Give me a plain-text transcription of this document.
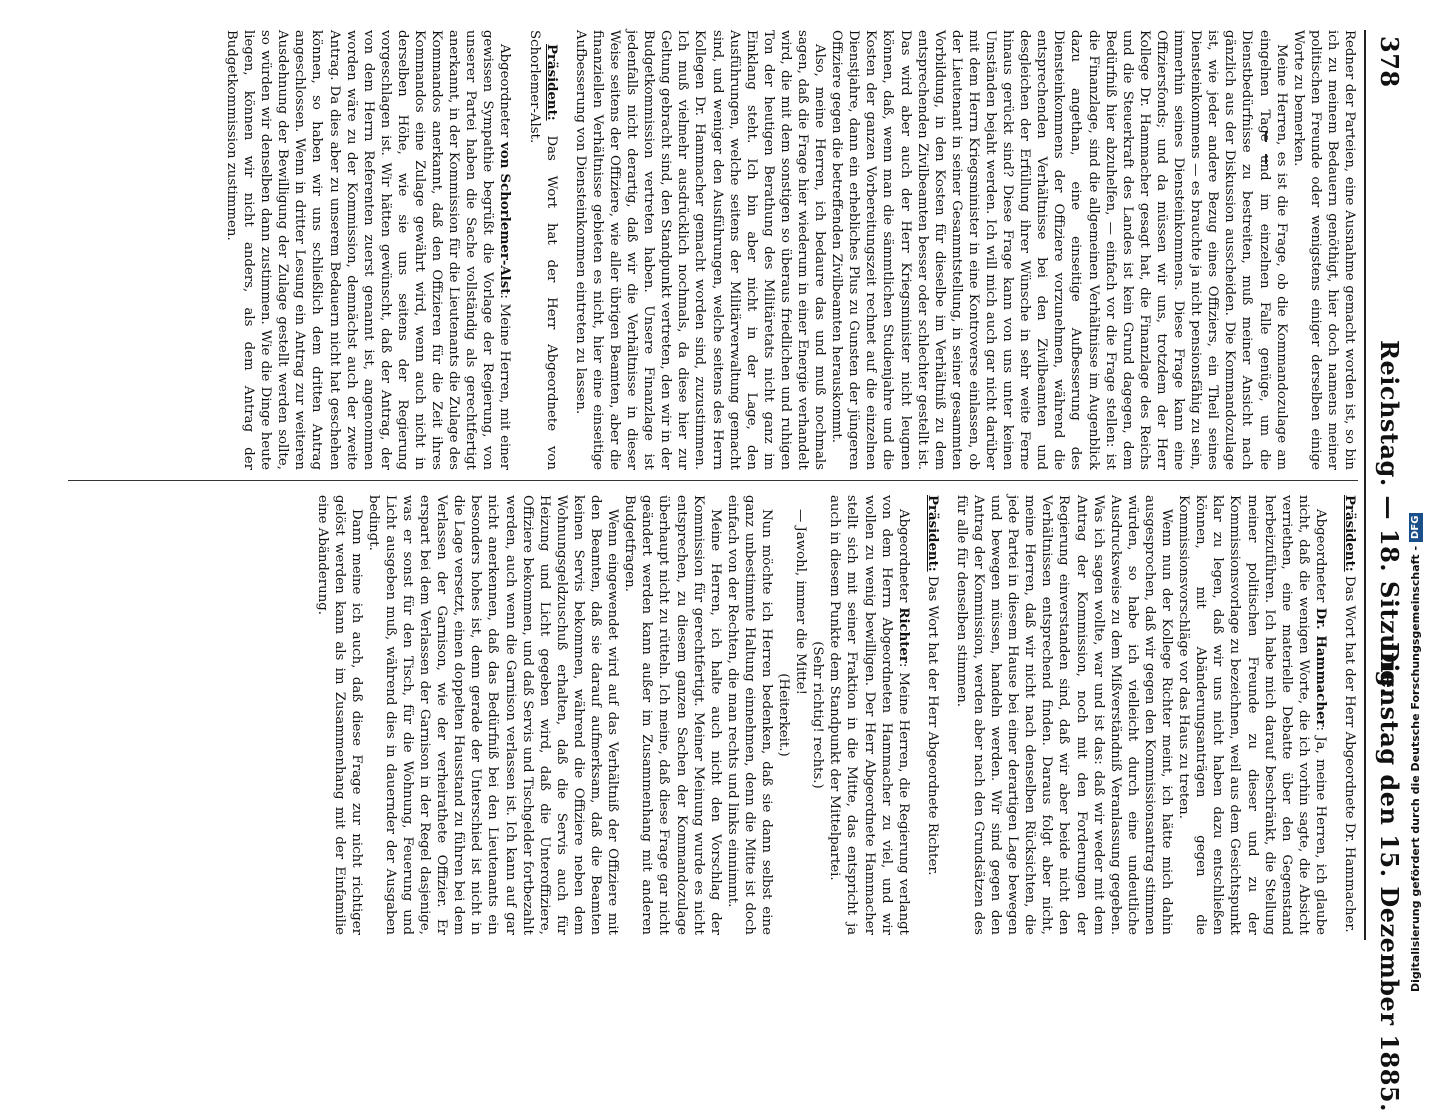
378
Reichstag. — 18. Sitzung.
Dienstag den 15. Dezember 1885.

Redner der Parteien, eine Ausnahme gemacht worden ist, so bin ich zu meinem Bedauern genöthigt, hier doch namens meiner politischen Freunde oder wenigstens einiger derselben einige Worte zu bemerken.

Meine Herren, es ist die Frage, ob die Kommandozulage am eingelnen Tage und im einzelnen Falle genüge, um die Dienstbedürfnisse zu bestreiten, muß meiner Ansicht nach gänzlich aus der Diskussion ausscheiden. Die Kommandozulage ist, wie jeder andere Bezug eines Offiziers, ein Theil seines Diensteinkommens — es brauchte ja nicht pensionsfähig zu sein, immerhin seines Diensteinkommens. Diese Frage kann eine Offiziersfonds; und da müssen wir uns, trotzdem der Herr Kollege Dr. Hammacher gesagt hat, die Finanzlage des Reichs und die Steuerkraft des Landes ist kein Grund dagegen, dem Bedürfniß hier abzuhelfen, — einfach vor die Frage stellen: ist die Finanzlage, sind die allgemeinen Verhältnisse im Augenblick dazu angethan, eine einseitige Aufbesserung des Diensteinkommens der Offiziere vorzunehmen, während die entsprechenden Verhältnisse bei den Zivilbeamten und desgleichen der Erfüllung ihrer Wünsche in sehr weite Ferne hinaus gerückt sind? Diese Frage kann von uns unter keinen Umständen bejaht werden. Ich will mich auch gar nicht darüber mit dem Herrn Kriegsminister in eine Kontroverse einlassen, ob der Lieutenant in seiner Gesammtstellung, in seiner gesammten Vorbildung, in den Kosten für dieselbe im Verhältniß zu dem entsprechenden Zivilbeamten besser oder schlechter gestellt ist. Das wird aber auch der Herr Kriegsminister nicht leugnen können, daß, wenn man die sämmtlichen Studienjahre und die Kosten der ganzen Vorbereitungszeit rechnet auf die einzelnen Dienstjahre, dann ein erhebliches Plus zu Gunsten der jüngeren Offiziere gegen die betreffenden Zivilbeamten herauskommt.

Also, meine Herren, ich bedaure das und muß nochmals sagen, daß die Frage hier wiederum in einer Energie verhandelt wird, die mit dem sonstigen so überaus friedlichen und ruhigen Ton der heutigen Berathung des Militäretats nicht ganz im Einklang steht. Ich bin aber nicht in der Lage, den Ausführungen, welche seitens der Militärverwaltung gemacht sind, und weniger den Ausführungen, welche seitens des Herrn Kollegen Dr. Hammacher gemacht worden sind, zuzustimmen. Ich muß vielmehr ausdrücklich nochmals, da diese hier zur Geltung gebracht sind, den Standpunkt vertreten, den wir in der Budgetkommission vertreten haben. Unsere Finanzlage ist jedenfalls nicht derartig, daß wir die Verhältnisse in dieser Weise seitens der Offiziere, wie aller übrigen Beamten, aber die finanziellen Verhältnisse gebieten es nicht, hier eine einseitige Aufbesserung von Diensteinkommen eintreten zu lassen.

Präsident: Das Wort hat der Herr Abgeordnete von Schorlemer-Alst.

Abgeordneter von Schorlemer-Alst: Meine Herren, mit einer gewissen Sympathie begrüßt die Vorlage der Regierung, von unserer Partei haben die Sache vollständig als gerechtfertigt anerkannt, in der Kommission für die Lieutenants die Zulage des Kommandos anerkannt, daß den Offizieren für die Zeit ihres Kommandos eine Zulage gewährt wird, wenn auch nicht in derselben Höhe, wie sie uns seitens der Regierung vorgeschlagen ist. Wir hätten gewünscht, daß der Antrag, der von dem Herrn Referenten zuerst genannt ist, angenommen worden wäre zu der Kommission, demnächst auch der zweite Antrag. Da dies aber zu unserem Bedauern nicht hat geschehen können, so haben wir uns schließlich dem dritten Antrag angeschlossen. Wenn in dritter Lesung ein Antrag zur weiteren Ausdehnung der Bewilligung der Zulage gestellt werden sollte, so würden wir denselben dann zustimmen. Wie die Dinge heute liegen, können wir nicht anders, als dem Antrag der Budgetkommission zustimmen.

Präsident: Das Wort hat der Herr Abgeordnete Dr. Hammacher.

Abgeordneter Dr. Hammacher: Ja, meine Herren, ich glaube nicht, daß die wenigen Worte, die ich vorhin sagte, die Absicht verriethen, eine materielle Debatte über den Gegenstand herbeizuführen. Ich habe mich darauf beschränkt, die Stellung meiner politischen Freunde zu dieser und zu der Kommissionsvorlage zu bezeichnen, weil aus dem Gesichtspunkt klar zu legen, daß wir uns nicht haben dazu entschließen können, mit Abänderungsanträgen gegen die Kommissionsvorschläge vor das Haus zu treten.

Wenn nun der Kollege Richter meint, ich hätte mich dahin ausgesprochen, daß wir gegen den Kommissionsantrag stimmen würden, so habe ich vielleicht durch eine undeutliche Ausdrucksweise zu dem Mißverständniß Veranlassung gegeben. Was ich sagen wollte, war und ist das: daß wir weder mit dem Antrag der Kommission, noch mit den Forderungen der Regierung einverstanden sind, daß wir aber beide nicht den Verhältnissen entsprechend finden. Daraus folgt aber nicht, meine Herren, daß wir nicht nach denselben Rücksichten, die jede Partei in diesem Hause bei einer derartigen Lage bewegen und bewegen müssen, handeln werden. Wir sind gegen den Antrag der Kommission, werden aber nach den Grundsätzen des für alle für denselben stimmen.

Präsident: Das Wort hat der Herr Abgeordnete Richter.

Abgeordneter Richter: Meine Herren, die Regierung verlangt von dem Herrn Abgeordneten Hammacher zu viel, und wir wollen zu wenig bewilligen. Der Herr Abgeordnete Hammacher stellt sich mit seiner Fraktion in die Mitte, das entspricht ja auch in diesem Punkte dem Standpunkt der Mittelpartei.

(Sehr richtig! rechts.)

— Jawohl, immer die Mitte!

(Heiterkeit.)

Nun möchte ich Herren bedenken, daß sie dann selbst eine ganz unbestimmte Haltung einnehmen, denn die Mitte ist doch einfach von der Rechten, die man rechts und links einnimmt.

Meine Herren, ich halte auch nicht den Vorschlag der Kommission für gerechtfertigt. Meiner Meinung wurde es nicht entsprechen, zu diesem ganzen Sachen der Kommandozulage überhaupt nicht zu rütteln. Ich meine, daß diese Frage gar nicht geändert werden kann außer im Zusammenhang mit anderen Budgetfragen.

Wenn eingewendet wird auf das Verhältniß der Offiziere mit den Beamten, daß sie darauf aufmerksam, daß die Beamten keinen Servis bekommen, während die Offiziere neben dem Wohnungsgeldzuschuß erhalten, daß die Servis auch für Heizung und Licht gegeben wird, daß die Unteroffiziere, Offiziere bekommen, und daß Servis und Tischgelder fortbezahlt werden, auch wenn die Garnison verlassen ist. Ich kann auf gar nicht anerkennen, daß das Bedürfniß bei den Lieutenants ein besonders hohes ist, denn gerade der Unterschied ist nicht in die Lage versetzt, einen doppelten Hausstand zu führen bei dem Verlassen der Garnison, wie der verheirathete Offizier. Er erspart bei dem Verlassen der Garnison in der Regel dasjenige, was er sonst für den Tisch, für die Wohnung, Feuerung und Licht ausgeben muß, während dies in dauernder der Ausgaben bedingt.

Dann meine ich auch, daß diese Frage zur nicht richtiger gelöst werden kann als im Zusammenhang mit der Einfamilie eine Abänderung.	Digitalisierung gefördert durch die Deutsche Forschungsgemeinschaft -DFG
